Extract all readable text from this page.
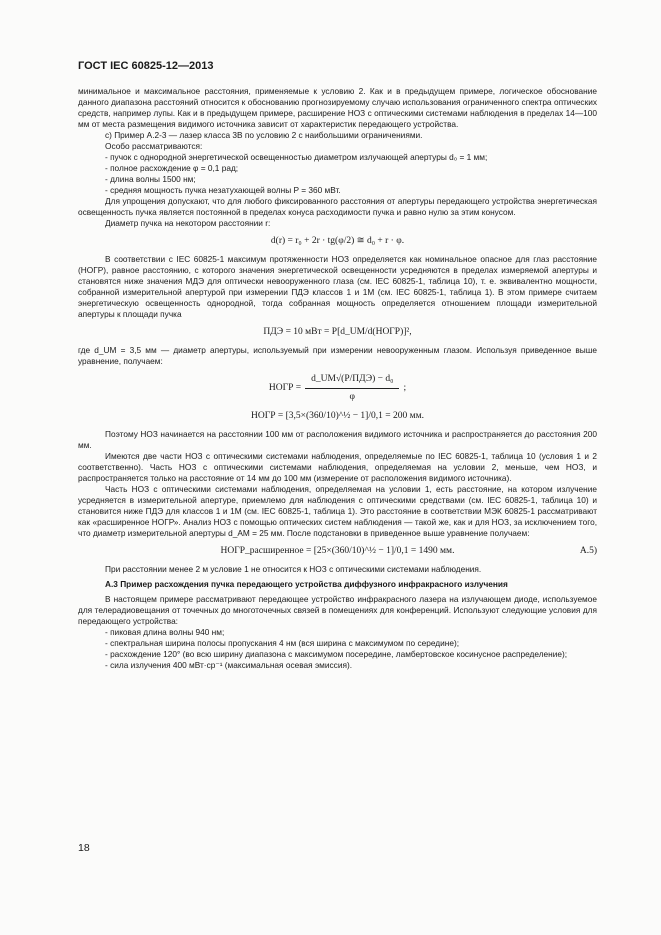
ГОСТ IEC 60825-12—2013

минимальное и максимальное расстояния, применяемые к условию 2. Как и в предыдущем примере, логическое обоснование данного диапазона расстояний относится к обоснованию прогнозируемому случаю использования ограниченного спектра оптических средств, например лупы. Как и в предыдущем примере, расширение НОЗ с оптическими системами наблюдения в пределах 14—100 мм от места размещения видимого источника зависит от характеристик передающего устройства.

с) Пример А.2-3 — лазер класса 3В по условию 2 с наибольшими ограничениями.

Особо рассматриваются:

- пучок с однородной энергетической освещенностью диаметром излучающей апертуры d₀ = 1 мм;

- полное расхождение φ = 0,1 рад;

- длина волны 1500 нм;

- средняя мощность пучка незатухающей волны P = 360 мВт.

Для упрощения допускают, что для любого фиксированного расстояния от апертуры передающего устройства энергетическая освещенность пучка является постоянной в пределах конуса расходимости пучка и равно нулю за этим конусом.

Диаметр пучка на некотором расстоянии r:

d(r) = r₀ + 2r · tg(φ/2) ≅ d₀ + r · φ.

В соответствии с IEC 60825-1 максимум протяженности НОЗ определяется как номинальное опасное для глаз расстояние (НОГР), равное расстоянию, с которого значения энергетической освещенности усредняются в пределах измеряемой апертуры и становятся ниже значения МДЭ для оптически невооруженного глаза (см. IEC 60825-1, таблица 10), т. е. эквивалентно мощности, собранной измерительной апертурой при измерении ПДЭ классов 1 и 1М (см. IEC 60825-1, таблица 1). В этом примере считаем энергетическую освещенность однородной, тогда собранная мощность определяется отношением площади измерительной апертуры к площади пучка

ПДЭ = 10 мВт = P[d_UM/d(НОГР)]²,

где d_UM = 3,5 мм — диаметр апертуры, используемый при измерении невооруженным глазом. Используя приведенное выше уравнение, получаем:

НОГР = $\frac{\text{d\_UM√(P/ПДЭ) − d₀}}{\varphi}$ ;
НОГР = [3,5×(360/10)^½ − 1]/0,1 = 200 мм.

Поэтому НОЗ начинается на расстоянии 100 мм от расположения видимого источника и распространяется до расстояния 200 мм.

Имеются две части НОЗ с оптическими системами наблюдения, определяемые по IEC 60825-1, таблица 10 (условия 1 и 2 соответственно). Часть НОЗ с оптическими системами наблюдения, определяемая на условии 2, меньше, чем НОЗ, и распространяется только на расстояние от 14 мм до 100 мм (измерение от расположения видимого источника).

Часть НОЗ с оптическими системами наблюдения, определяемая на условии 1, есть расстояние, на котором излучение усредняется в измерительной апертуре, приемлемо для наблюдения с оптическими средствами (см. IEC 60825-1, таблица 10) и становится ниже ПДЭ для классов 1 и 1М (см. IEC 60825-1, таблица 1). Это расстояние в соответствии МЭК 60825-1 рассматривают как «расширенное НОГР». Анализ НОЗ с помощью оптических систем наблюдения — такой же, как и для НОЗ, за исключением того, что диаметр измерительной апертуры d_AM = 25 мм. После подстановки в приведенное выше уравнение получаем:

НОГР_расширенное = [25×(360/10)^½ − 1]/0,1 = 1490 мм.	А.5)

При расстоянии менее 2 м условие 1 не относится к НОЗ с оптическими системами наблюдения.

А.3 Пример расхождения пучка передающего устройства диффузного инфракрасного излучения

В настоящем примере рассматривают передающее устройство инфракрасного лазера на излучающем диоде, используемое для телерадиовещания от точечных до многоточечных связей в помещениях для конференций. Используют следующие условия для передающего устройства:

- пиковая длина волны 940 нм;

- спектральная ширина полосы пропускания 4 нм (вся ширина с максимумом по середине);

- расхождение 120° (во всю ширину диапазона с максимумом посередине, ламбертовское косинусное распределение);

- сила излучения 400 мВт·ср⁻¹ (максимальная осевая эмиссия).

18
